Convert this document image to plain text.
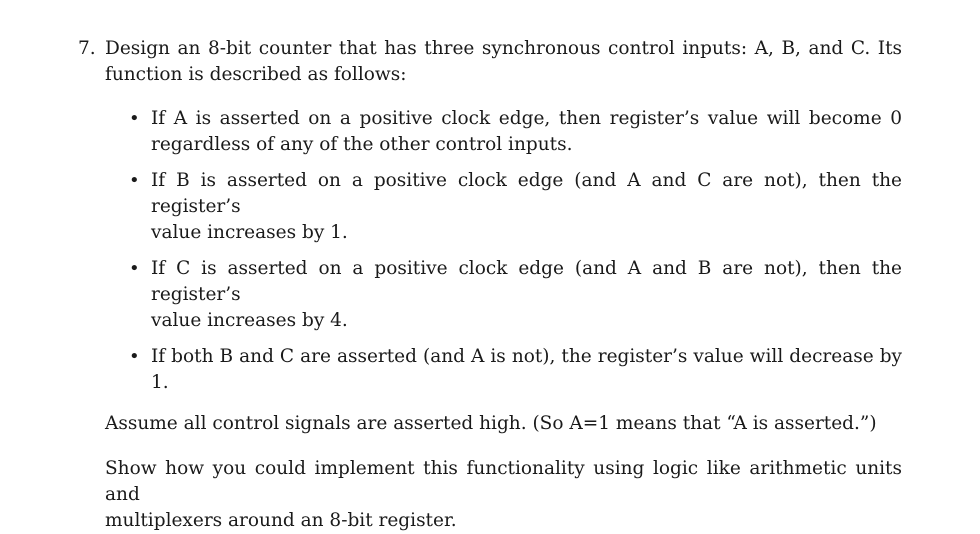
7. Design an 8-bit counter that has three synchronous control inputs: A, B, and C. Its
function is described as follows:
• If A is asserted on a positive clock edge, then register’s value will become 0
regardless of any of the other control inputs.
• If B is asserted on a positive clock edge (and A and C are not), then the register’s
value increases by 1.
• If C is asserted on a positive clock edge (and A and B are not), then the register’s
value increases by 4.
• If both B and C are asserted (and A is not), the register’s value will decrease by
1.

Assume all control signals are asserted high. (So A=1 means that “A is asserted.”)

Show how you could implement this functionality using logic like arithmetic units and
multiplexers around an 8-bit register.
